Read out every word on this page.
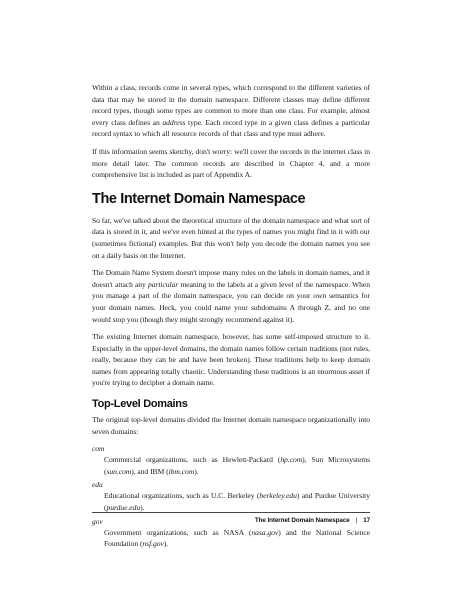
Within a class, records come in several types, which correspond to the different varieties of data that may be stored in the domain namespace. Different classes may define different record types, though some types are common to more than one class. For example, almost every class defines an address type. Each record type in a given class defines a particular record syntax to which all resource records of that class and type must adhere.

If this information seems sketchy, don't worry: we'll cover the records in the internet class in more detail later. The common records are described in Chapter 4, and a more comprehensive list is included as part of Appendix A.

The Internet Domain Namespace

So far, we've talked about the theoretical structure of the domain namespace and what sort of data is stored in it, and we've even hinted at the types of names you might find in it with our (sometimes fictional) examples. But this won't help you decode the domain names you see on a daily basis on the Internet.

The Domain Name System doesn't impose many rules on the labels in domain names, and it doesn't attach any particular meaning to the labels at a given level of the namespace. When you manage a part of the domain namespace, you can decide on your own semantics for your domain names. Heck, you could name your subdomains A through Z, and no one would stop you (though they might strongly recommend against it).

The existing Internet domain namespace, however, has some self-imposed structure to it. Especially in the upper-level domains, the domain names follow certain traditions (not rules, really, because they can be and have been broken). These traditions help to keep domain names from appearing totally chaotic. Understanding these traditions is an enormous asset if you're trying to decipher a domain name.

Top-Level Domains

The original top-level domains divided the Internet domain namespace organizationally into seven domains:

com

Commercial organizations, such as Hewlett-Packard (hp.com), Sun Microsystems (sun.com), and IBM (ibm.com).

edu

Educational organizations, such as U.C. Berkeley (berkeley.edu) and Purdue University (purdue.edu).

gov

Government organizations, such as NASA (nasa.gov) and the National Science Foundation (nsf.gov).

The Internet Domain Namespace | 17
